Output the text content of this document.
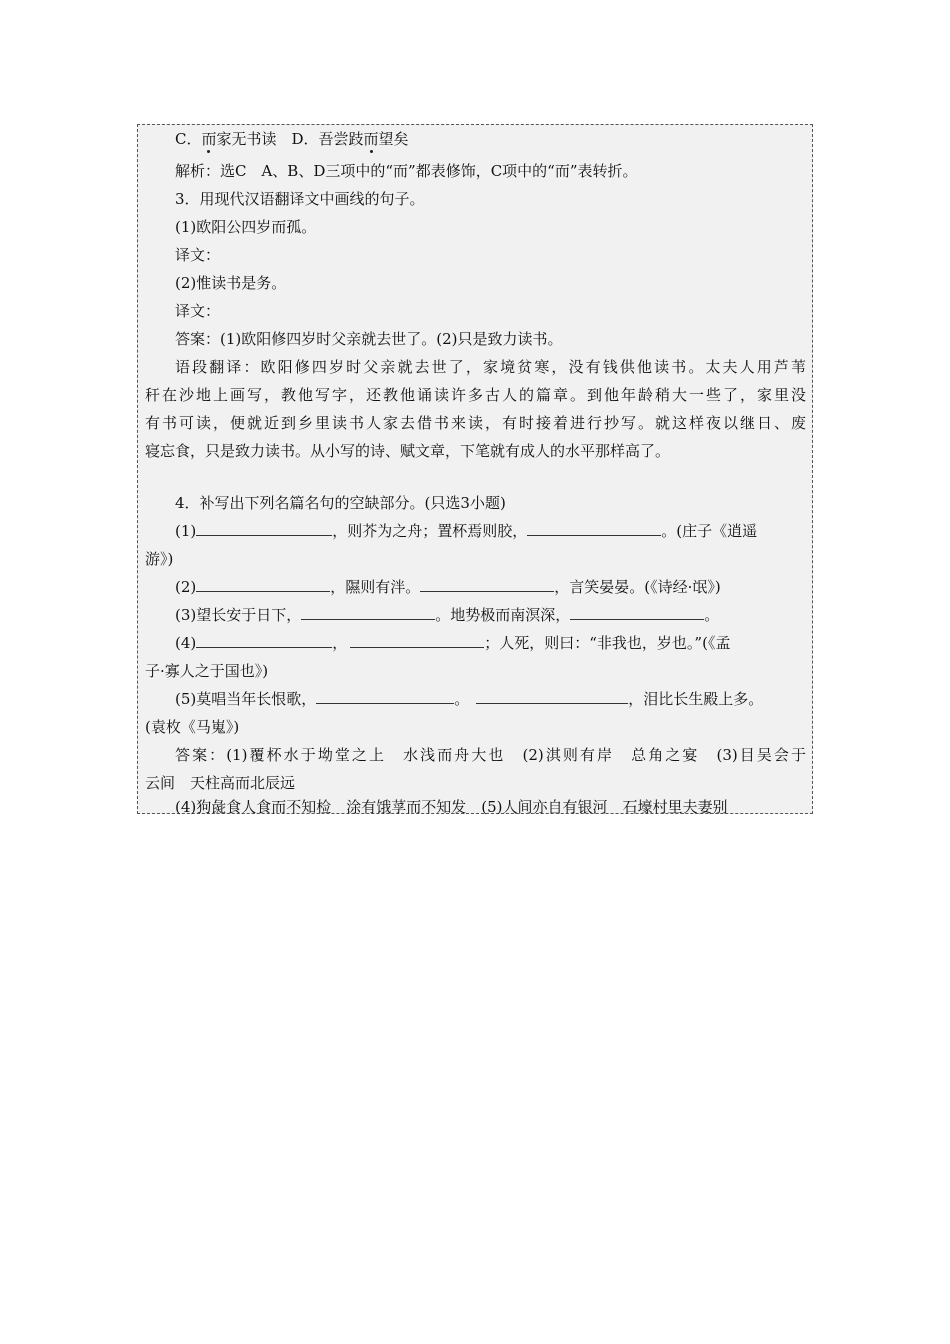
C．而家无书读　D．吾尝跂而望矣
解析：选C　A、B、D三项中的“而”都表修饰，C项中的“而”表转折。
3．用现代汉语翻译文中画线的句子。
(1)欧阳公四岁而孤。
译文：
(2)惟读书是务。
译文：
答案：(1)欧阳修四岁时父亲就去世了。(2)只是致力读书。
语段翻译：欧阳修四岁时父亲就去世了，家境贫寒，没有钱供他读书。太夫人用芦苇
秆在沙地上画写，教他写字，还教他诵读许多古人的篇章。到他年龄稍大一些了，家里没
有书可读，便就近到乡里读书人家去借书来读，有时接着进行抄写。就这样夜以继日、废
寝忘食，只是致力读书。从小写的诗、赋文章，下笔就有成人的水平那样高了。
4．补写出下列名篇名句的空缺部分。(只选3小题)
(1)	，则芥为之舟；置杯焉则胶，	。(庄子《逍遥
游》)
(2)	，隰则有泮。	，言笑晏晏。(《诗经·氓》)
(3)望长安于日下，	。地势极而南溟深，	。
(4)	，	；人死，则曰：“非我也，岁也。”(《孟
子·寡人之于国也》)
(5)莫唱当年长恨歌，	。	，泪比长生殿上多。
(袁枚《马嵬》)
答案：(1)覆杯水于坳堂之上　水浅而舟大也　(2)淇则有岸　总角之宴　(3)目吴会于
云间　天柱高而北辰远
(4)狗彘食人食而不知检　涂有饿莩而不知发　(5)人间亦自有银河　石壕村里夫妻别
